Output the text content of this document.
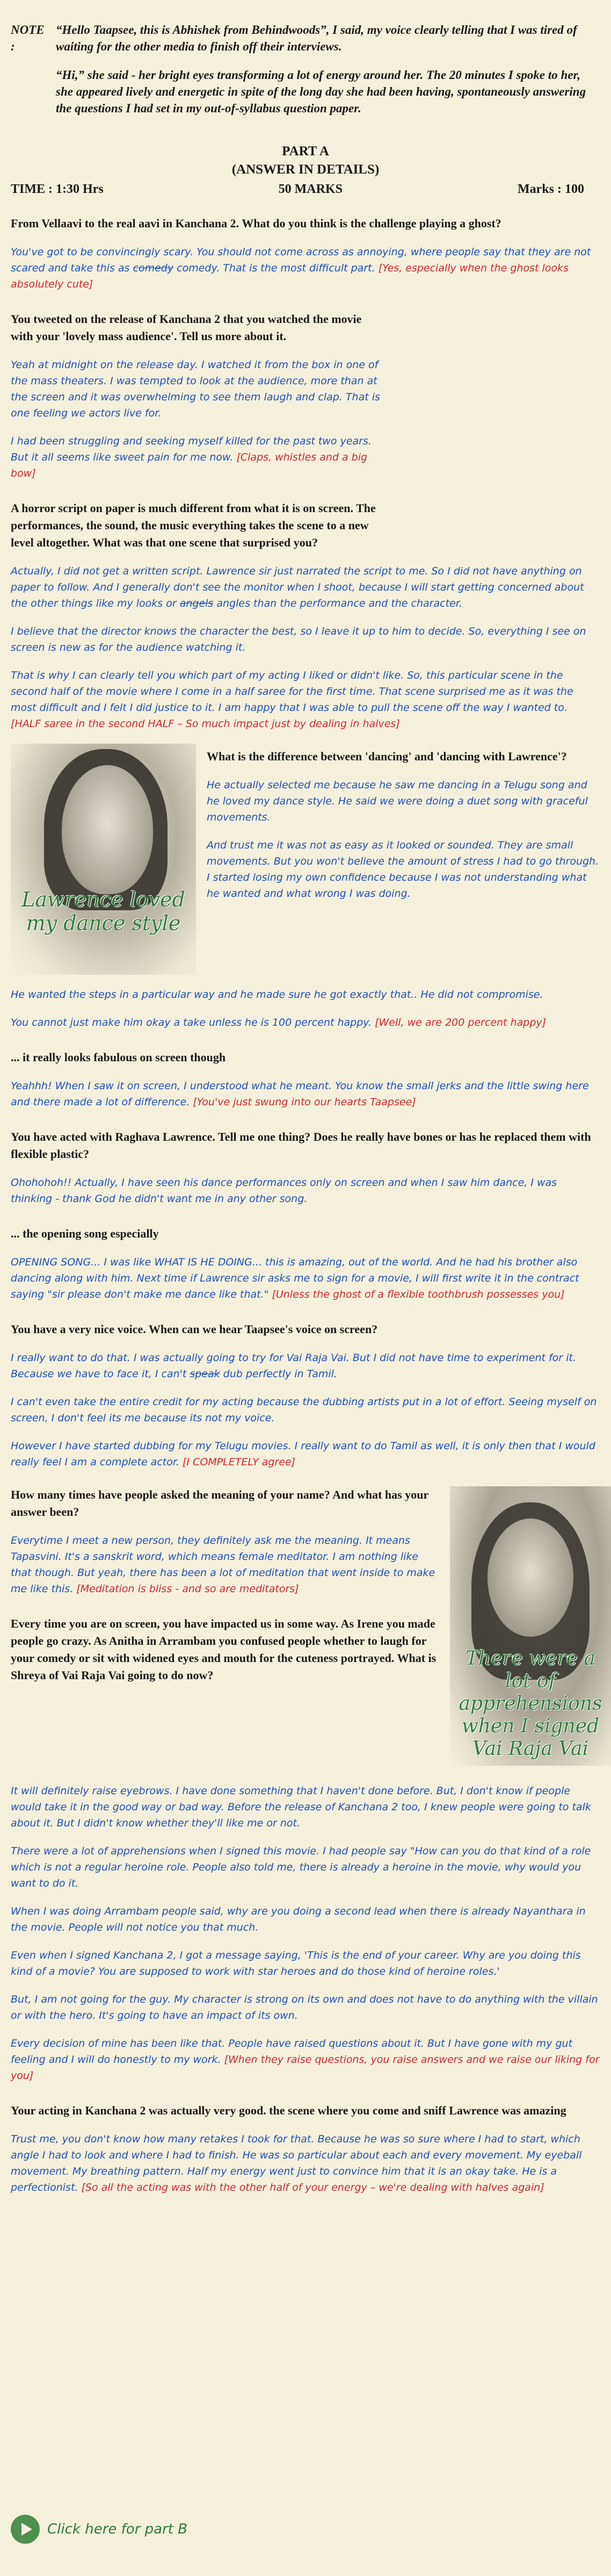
NOTE :

“Hello Taapsee, this is Abhishek from Behindwoods”, I said, my voice clearly telling that I was tired of waiting for the other media to finish off their interviews.

“Hi,” she said - her bright eyes transforming a lot of energy around her. The 20 minutes I spoke to her, she appeared lively and energetic in spite of the long day she had been having, spontaneously answering the questions I had set in my out-of-syllabus question paper.

PART A
(ANSWER IN DETAILS)
TIME : 1:30 Hrs	50 MARKS	Marks : 100
From Vellaavi to the real aavi in Kanchana 2. What do you think is the challenge playing a ghost?
You've got to be convincingly scary. You should not come across as annoying, where people say that they are not scared and take this as comedy comedy. That is the most difficult part. [Yes, especially when the ghost looks absolutely cute]
You tweeted on the release of Kanchana 2 that you watched the movie with your 'lovely mass audience'. Tell us more about it.
Yeah at midnight on the release day. I watched it from the box in one of the mass theaters. I was tempted to look at the audience, more than at the screen and it was overwhelming to see them laugh and clap. That is one feeling we actors live for.
I had been struggling and seeking myself killed for the past two years. But it all seems like sweet pain for me now. [Claps, whistles and a big bow]
A horror script on paper is much different from what it is on screen. The performances, the sound, the music everything takes the scene to a new level altogether. What was that one scene that surprised you?
Actually, I did not get a written script. Lawrence sir just narrated the script to me. So I did not have anything on paper to follow. And I generally don't see the monitor when I shoot, because I will start getting concerned about the other things like my looks or angels angles than the performance and the character.
I believe that the director knows the character the best, so I leave it up to him to decide. So, everything I see on screen is new as for the audience watching it.
That is why I can clearly tell you which part of my acting I liked or didn't like. So, this particular scene in the second half of the movie where I come in a half saree for the first time. That scene surprised me as it was the most difficult and I felt I did justice to it. I am happy that I was able to pull the scene off the way I wanted to. [HALF saree in the second HALF – So much impact just by dealing in halves]
Lawrence loved my dance style
What is the difference between 'dancing' and 'dancing with Lawrence'?
He actually selected me because he saw me dancing in a Telugu song and he loved my dance style. He said we were doing a duet song with graceful movements.
And trust me it was not as easy as it looked or sounded. They are small movements. But you won't believe the amount of stress I had to go through. I started losing my own confidence because I was not understanding what he wanted and what wrong I was doing.
He wanted the steps in a particular way and he made sure he got exactly that.. He did not compromise.
You cannot just make him okay a take unless he is 100 percent happy. [Well, we are 200 percent happy]
... it really looks fabulous on screen though
Yeahhh! When I saw it on screen, I understood what he meant. You know the small jerks and the little swing here and there made a lot of difference. [You've just swung into our hearts Taapsee]
You have acted with Raghava Lawrence. Tell me one thing? Does he really have bones or has he replaced them with flexible plastic?
Ohohohoh!! Actually, I have seen his dance performances only on screen and when I saw him dance, I was thinking - thank God he didn't want me in any other song.
... the opening song especially
OPENING SONG... I was like WHAT IS HE DOING... this is amazing, out of the world. And he had his brother also dancing along with him. Next time if Lawrence sir asks me to sign for a movie, I will first write it in the contract saying "sir please don't make me dance like that." [Unless the ghost of a flexible toothbrush possesses you]
You have a very nice voice. When can we hear Taapsee's voice on screen?
I really want to do that. I was actually going to try for Vai Raja Vai. But I did not have time to experiment for it. Because we have to face it, I can't speak dub perfectly in Tamil.
I can't even take the entire credit for my acting because the dubbing artists put in a lot of effort. Seeing myself on screen, I don't feel its me because its not my voice.
However I have started dubbing for my Telugu movies. I really want to do Tamil as well, it is only then that I would really feel I am a complete actor. [I COMPLETELY agree]
There were a lot of apprehensions when I signed Vai Raja Vai
How many times have people asked the meaning of your name? And what has your answer been?
Everytime I meet a new person, they definitely ask me the meaning. It means Tapasvini. It's a sanskrit word, which means female meditator. I am nothing like that though. But yeah, there has been a lot of meditation that went inside to make me like this. [Meditation is bliss - and so are meditators]
Every time you are on screen, you have impacted us in some way. As Irene you made people go crazy. As Anitha in Arrambam you confused people whether to laugh for your comedy or sit with widened eyes and mouth for the cuteness portrayed. What is Shreya of Vai Raja Vai going to do now?
It will definitely raise eyebrows. I have done something that I haven't done before. But, I don't know if people would take it in the good way or bad way. Before the release of Kanchana 2 too, I knew people were going to talk about it. But I didn't know whether they'll like me or not.
There were a lot of apprehensions when I signed this movie. I had people say "How can you do that kind of a role which is not a regular heroine role. People also told me, there is already a heroine in the movie, why would you want to do it.
When I was doing Arrambam people said, why are you doing a second lead when there is already Nayanthara in the movie. People will not notice you that much.
Even when I signed Kanchana 2, I got a message saying, 'This is the end of your career. Why are you doing this kind of a movie? You are supposed to work with star heroes and do those kind of heroine roles.'
But, I am not going for the guy. My character is strong on its own and does not have to do anything with the villain or with the hero. It's going to have an impact of its own.
Every decision of mine has been like that. People have raised questions about it. But I have gone with my gut feeling and I will do honestly to my work. [When they raise questions, you raise answers and we raise our liking for you]
Your acting in Kanchana 2 was actually very good. the scene where you come and sniff Lawrence was amazing
Trust me, you don't know how many retakes I took for that. Because he was so sure where I had to start, which angle I had to look and where I had to finish. He was so particular about each and every movement. My eyeball movement. My breathing pattern. Half my energy went just to convince him that it is an okay take. He is a perfectionist. [So all the acting was with the other half of your energy – we're dealing with halves again]
Click here for part B
